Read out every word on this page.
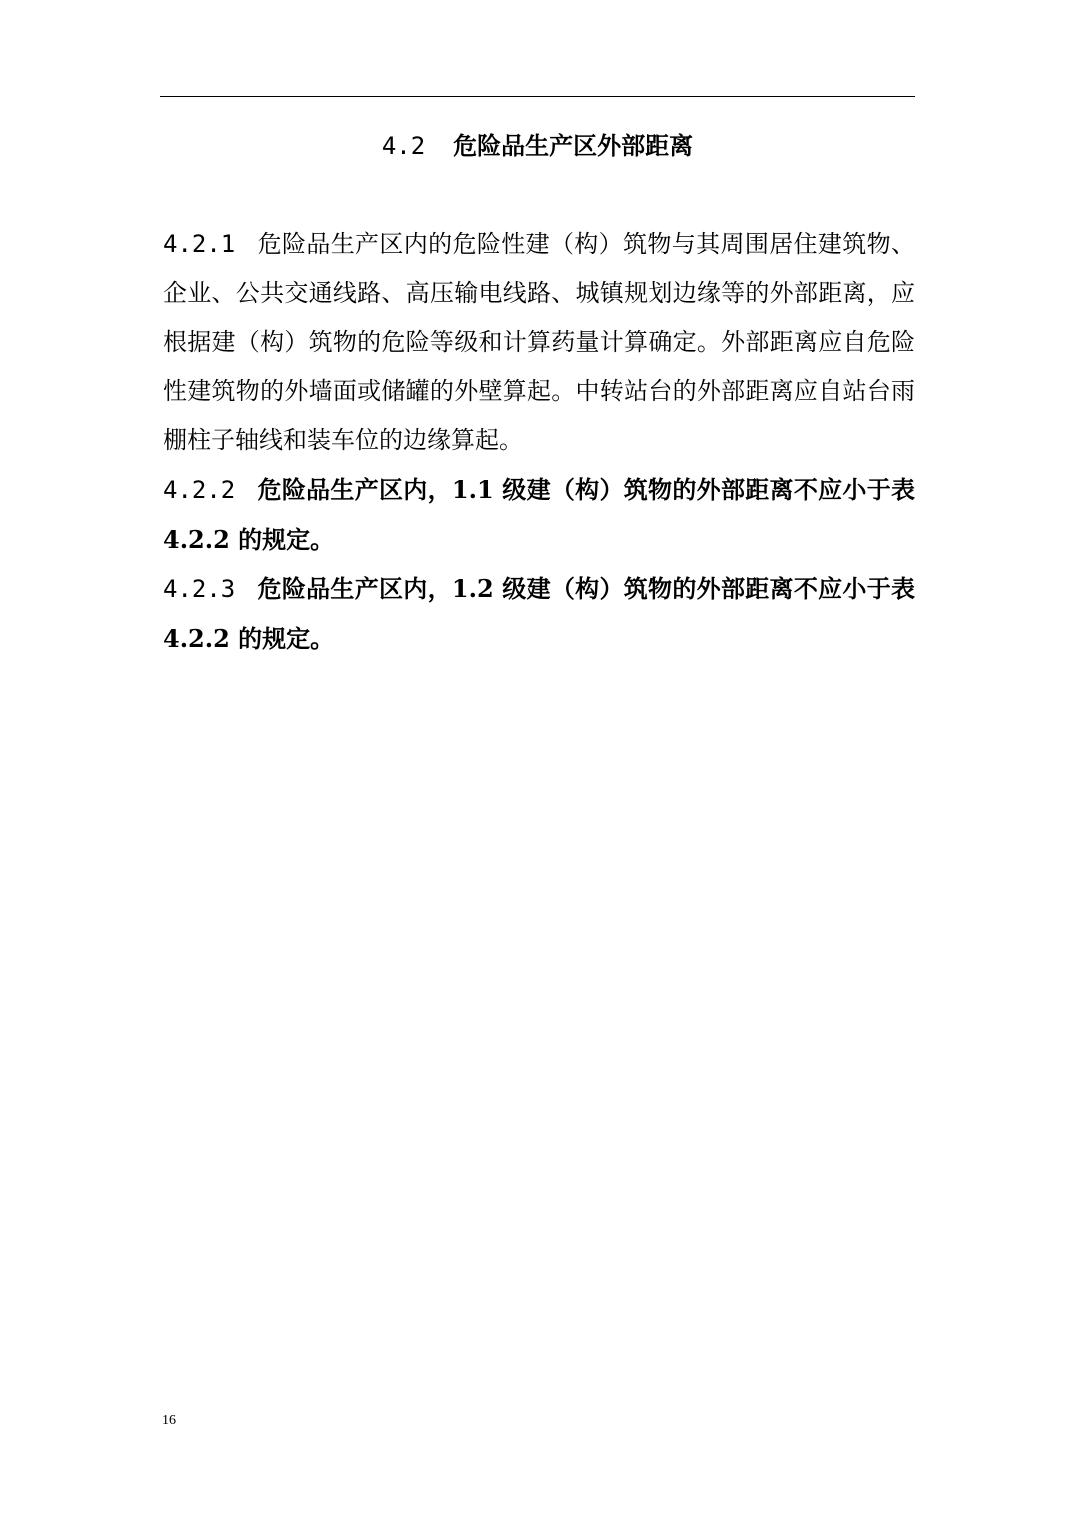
4.2 危险品生产区外部距离

4.2.1 危险品生产区内的危险性建（构）筑物与其周围居住建筑物、企业、公共交通线路、高压输电线路、城镇规划边缘等的外部距离，应根据建（构）筑物的危险等级和计算药量计算确定。外部距离应自危险性建筑物的外墙面或储罐的外壁算起。中转站台的外部距离应自站台雨棚柱子轴线和装车位的边缘算起。

4.2.2 危险品生产区内，1.1 级建（构）筑物的外部距离不应小于表 4.2.2 的规定。

4.2.3 危险品生产区内，1.2 级建（构）筑物的外部距离不应小于表 4.2.2 的规定。

16
